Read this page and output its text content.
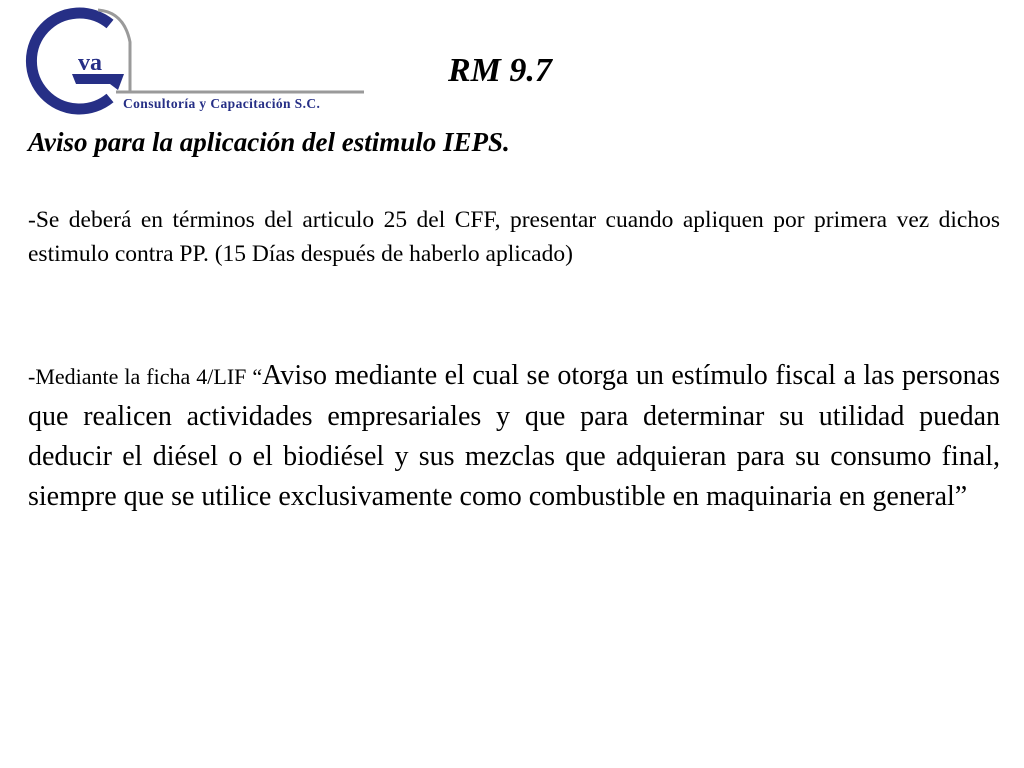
va
Consultoría y Capacitación S.C.
RM 9.7
Aviso para la aplicación del estimulo IEPS.

-Se deberá en términos del articulo 25 del CFF, presentar cuando apliquen por primera vez dichos estimulo contra PP. (15 Días después de haberlo aplicado)

-Mediante la ficha 4/LIF “Aviso mediante el cual se otorga un estímulo fiscal a las personas que realicen actividades empresariales y que para determinar su utilidad puedan deducir el diésel o el biodiésel y sus mezclas que adquieran para su consumo final, siempre que se utilice exclusivamente como combustible en maquinaria en general”
